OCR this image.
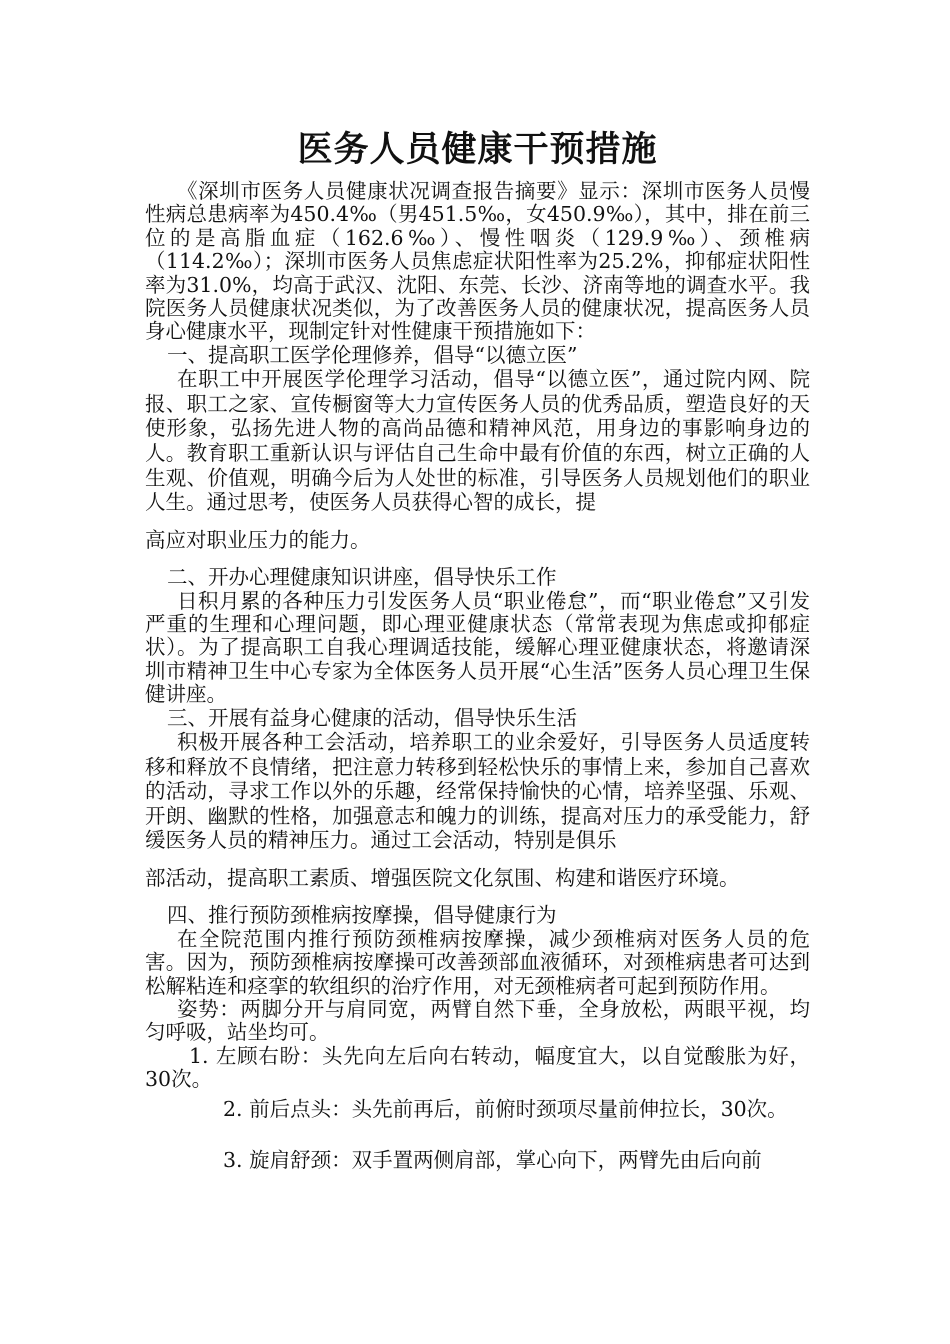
医务人员健康干预措施

《深圳市医务人员健康状况调查报告摘要》显示：深圳市医务人员慢性病总患病率为450.4‰（男451.5‰，女450.9‰），其中，排在前三位的是高脂血症（162.6‰）、慢性咽炎（129.9‰）、颈椎病（114.2‰）；深圳市医务人员焦虑症状阳性率为25.2%，抑郁症状阳性率为31.0%，均高于武汉、沈阳、东莞、长沙、济南等地的调查水平。我院医务人员健康状况类似，为了改善医务人员的健康状况，提高医务人员身心健康水平，现制定针对性健康干预措施如下：

一、提高职工医学伦理修养，倡导“以德立医”

在职工中开展医学伦理学习活动，倡导“以德立医”，通过院内网、院报、职工之家、宣传橱窗等大力宣传医务人员的优秀品质，塑造良好的天使形象，弘扬先进人物的高尚品德和精神风范，用身边的事影响身边的人。教育职工重新认识与评估自己生命中最有价值的东西，树立正确的人生观、价值观，明确今后为人处世的标准，引导医务人员规划他们的职业人生。通过思考，使医务人员获得心智的成长，提

高应对职业压力的能力。

二、开办心理健康知识讲座，倡导快乐工作

日积月累的各种压力引发医务人员“职业倦怠”，而“职业倦怠”又引发严重的生理和心理问题，即心理亚健康状态（常常表现为焦虑或抑郁症状）。为了提高职工自我心理调适技能，缓解心理亚健康状态，将邀请深圳市精神卫生中心专家为全体医务人员开展“心生活”医务人员心理卫生保健讲座。

三、开展有益身心健康的活动，倡导快乐生活

积极开展各种工会活动，培养职工的业余爱好，引导医务人员适度转移和释放不良情绪，把注意力转移到轻松快乐的事情上来，参加自己喜欢的活动，寻求工作以外的乐趣，经常保持愉快的心情，培养坚强、乐观、开朗、幽默的性格，加强意志和魄力的训练，提高对压力的承受能力，舒缓医务人员的精神压力。通过工会活动，特别是俱乐

部活动，提高职工素质、增强医院文化氛围、构建和谐医疗环境。

四、推行预防颈椎病按摩操，倡导健康行为

在全院范围内推行预防颈椎病按摩操，减少颈椎病对医务人员的危害。因为，预防颈椎病按摩操可改善颈部血液循环，对颈椎病患者可达到松解粘连和痉挛的软组织的治疗作用，对无颈椎病者可起到预防作用。

姿势：两脚分开与肩同宽，两臂自然下垂，全身放松，两眼平视，均匀呼吸，站坐均可。

1. 左顾右盼：头先向左后向右转动，幅度宜大，以自觉酸胀为好，30次。

2. 前后点头：头先前再后，前俯时颈项尽量前伸拉长，30次。

3. 旋肩舒颈：双手置两侧肩部，掌心向下，两臂先由后向前
